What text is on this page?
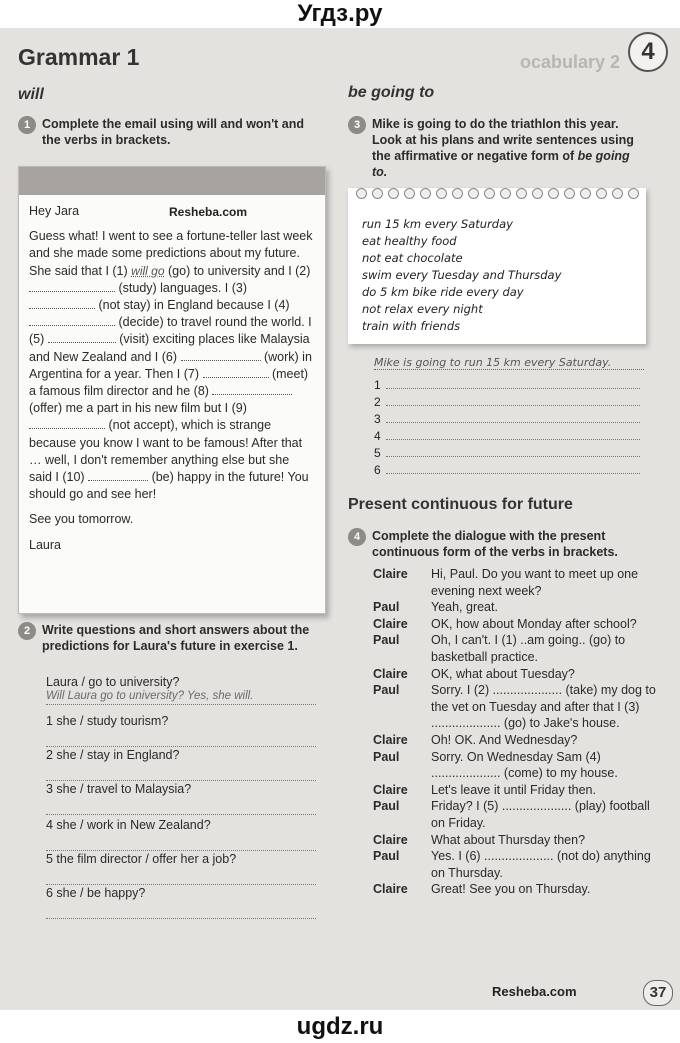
Угдз.ру
Grammar 1	ocabulary 2 4
will
1 Complete the email using will and won't and the verbs in brackets.
Resheba.com

Hey Jara

Guess what! I went to see a fortune-teller last week and she made some predictions about my future. She said that I (1) will go (go) to university and I (2)  (study) languages. I (3)  (not stay) in England because I (4)  (decide) to travel round the world. I (5)	(visit) exciting places like Malaysia and New Zealand and I (6)	(work) in Argentina for a year. Then I (7)	(meet) a famous film director and he (8)  (offer) me a part in his new film but I (9)  (not accept), which is strange because you know I want to be famous! After that … well, I don't remember anything else but she said I (10)	(be) happy in the future! You should go and see her!

See you tomorrow.

Laura

2 Write questions and short answers about the predictions for Laura's future in exercise 1.
Laura / go to university?
Will Laura go to university? Yes, she will.
1 she / study tourism?
2 she / stay in England?
3 she / travel to Malaysia?
4 she / work in New Zealand?
5 the film director / offer her a job?
6 she / be happy?
be going to
3 Mike is going to do the triathlon this year. Look at his plans and write sentences using the affirmative or negative form of be going to.
run 15 km every Saturday
eat healthy food
not eat chocolate
swim every Tuesday and Thursday
do 5 km bike ride every day
not relax every night
train with friends
Mike is going to run 15 km every Saturday.
1
2
3
4
5
6
Present continuous for future
4 Complete the dialogue with the present continuous form of the verbs in brackets.
Claire	Hi, Paul. Do you want to meet up one evening next week?
Paul	Yeah, great.
Claire	OK, how about Monday after school?
Paul	Oh, I can't. I (1) ..am going.. (go) to basketball practice.
Claire	OK, what about Tuesday?
Paul	Sorry. I (2) .................... (take) my dog to the vet on Tuesday and after that I (3) .................... (go) to Jake's house.
Claire	Oh! OK. And Wednesday?
Paul	Sorry. On Wednesday Sam (4) .................... (come) to my house.
Claire	Let's leave it until Friday then.
Paul	Friday? I (5) .................... (play) football on Friday.
Claire	What about Thursday then?
Paul	Yes. I (6) .................... (not do) anything on Thursday.
Claire	Great! See you on Thursday.
Resheba.com	37
ugdz.ru
